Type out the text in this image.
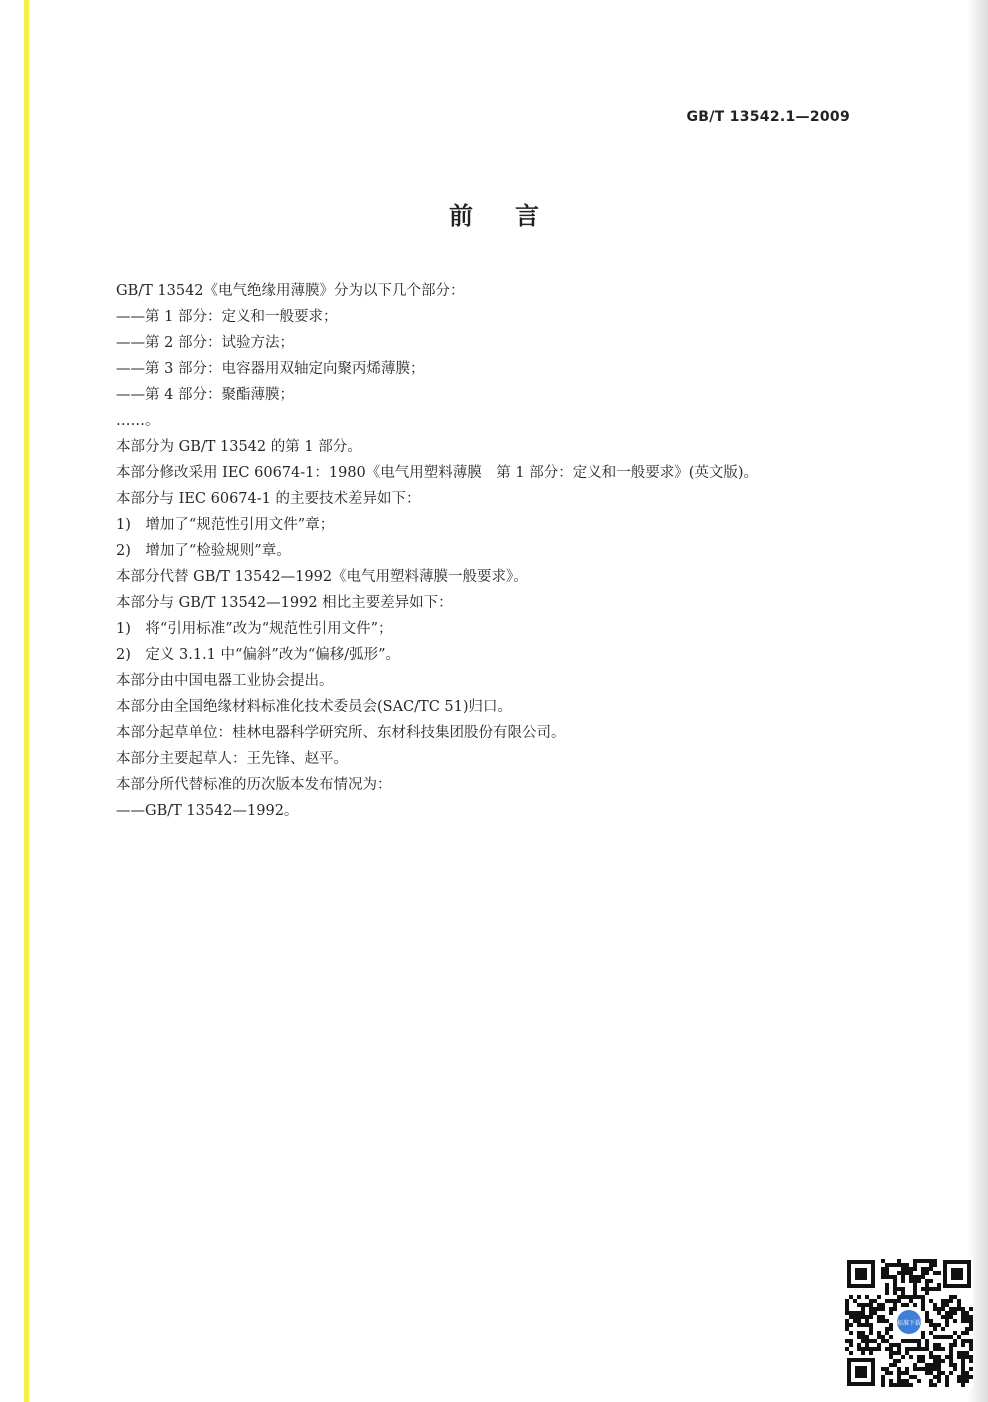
GB/T 13542.1—2009
前言
GB/T 13542《电气绝缘用薄膜》分为以下几个部分：
——第 1 部分：定义和一般要求；
——第 2 部分：试验方法；
——第 3 部分：电容器用双轴定向聚丙烯薄膜；
——第 4 部分：聚酯薄膜；
……。
本部分为 GB/T 13542 的第 1 部分。
本部分修改采用 IEC 60674-1：1980《电气用塑料薄膜　第 1 部分：定义和一般要求》(英文版)。
本部分与 IEC 60674-1 的主要技术差异如下：
1)　增加了“规范性引用文件”章；
2)　增加了“检验规则”章。
本部分代替 GB/T 13542—1992《电气用塑料薄膜一般要求》。
本部分与 GB/T 13542—1992 相比主要差异如下：
1)　将“引用标准”改为“规范性引用文件”；
2)　定义 3.1.1 中“偏斜”改为“偏移/弧形”。
本部分由中国电器工业协会提出。
本部分由全国绝缘材料标准化技术委员会(SAC/TC 51)归口。
本部分起草单位：桂林电器科学研究所、东材科技集团股份有限公司。
本部分主要起草人：王先锋、赵平。
本部分所代替标准的历次版本发布情况为：
——GB/T 13542—1992。
标准下载
